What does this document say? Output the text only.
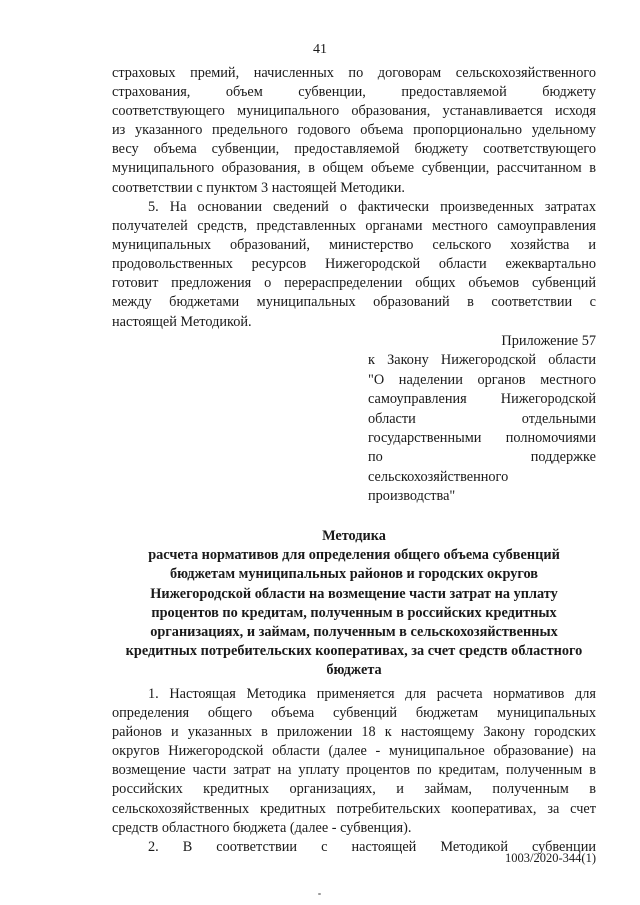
41
страховых премий, начисленных по договорам сельскохозяйственного
страхования, объем субвенции, предоставляемой бюджету
соответствующего муниципального образования, устанавливается исходя
из указанного предельного годового объема пропорционально удельному
весу объема субвенции, предоставляемой бюджету соответствующего
муниципального образования, в общем объеме субвенции, рассчитанном в
соответствии с пунктом 3 настоящей Методики.
5. На основании сведений о фактически произведенных затратах
получателей средств, представленных органами местного самоуправления
муниципальных образований, министерство сельского хозяйства и
продовольственных ресурсов Нижегородской области ежеквартально
готовит предложения о перераспределении общих объемов субвенций
между бюджетами муниципальных образований в соответствии с
настоящей Методикой.
Приложение 57
к Закону Нижегородской области
"О наделении органов местного
самоуправления Нижегородской
области отдельными
государственными полномочиями
по поддержке
сельскохозяйственного
производства"
Методика
расчета нормативов для определения общего объема субвенций
бюджетам муниципальных районов и городских округов
Нижегородской области на возмещение части затрат на уплату
процентов по кредитам, полученным в российских кредитных
организациях, и займам, полученным в сельскохозяйственных
кредитных потребительских кооперативах, за счет средств областного
бюджета
1. Настоящая Методика применяется для расчета нормативов для
определения общего объема субвенций бюджетам муниципальных
районов и указанных в приложении 18 к настоящему Закону городских
округов Нижегородской области (далее - муниципальное образование) на
возмещение части затрат на уплату процентов по кредитам, полученным в
российских кредитных организациях, и займам, полученным в
сельскохозяйственных кредитных потребительских кооперативах, за счет
средств областного бюджета (далее - субвенция).
2. В соответствии с настоящей Методикой субвенции
1003/2020-344(1)
